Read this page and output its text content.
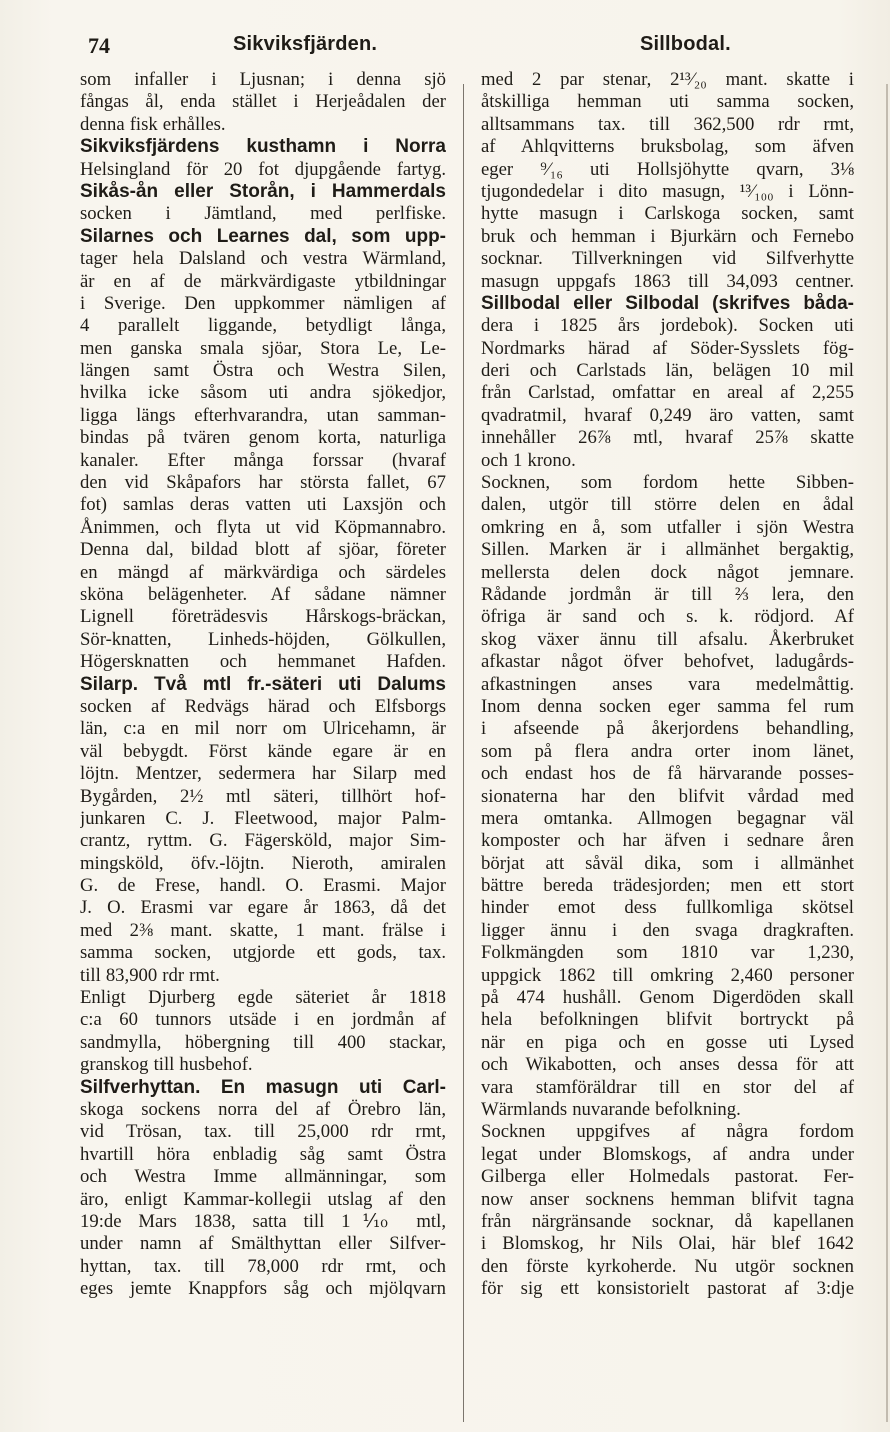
74	Sikviksfjärden.	Sillbodal.
som infaller i Ljusnan; i denna sjö
fångas ål, enda stället i Herjeådalen der
denna fisk erhålles.
Sikviksfjärdens kusthamn i Norra
Helsingland för 20 fot djupgående fartyg.
Sikås-ån eller Storån, i Hammerdals
socken i Jämtland, med perlfiske.
Silarnes och Learnes dal, som upp-
tager hela Dalsland och vestra Wärmland,
är en af de märkvärdigaste ytbildningar
i Sverige. Den uppkommer nämligen af
4 parallelt liggande, betydligt långa,
men ganska smala sjöar, Stora Le, Le-
längen samt Östra och Westra Silen,
hvilka icke såsom uti andra sjökedjor,
ligga längs efterhvarandra, utan samman-
bindas på tvären genom korta, naturliga
kanaler. Efter många forssar (hvaraf
den vid Skåpafors har största fallet, 67
fot) samlas deras vatten uti Laxsjön och
Ånimmen, och flyta ut vid Köpmannabro.
Denna dal, bildad blott af sjöar, företer
en mängd af märkvärdiga och särdeles
sköna belägenheter. Af sådane nämner
Lignell företrädesvis Hårskogs-bräckan,
Sör-knatten, Linheds-höjden, Gölkullen,
Högersknatten och hemmanet Hafden.
Silarp. Två mtl fr.-säteri uti Dalums
socken af Redvägs härad och Elfsborgs
län, c:a en mil norr om Ulricehamn, är
väl bebygdt. Först kände egare är en
löjtn. Mentzer, sedermera har Silarp med
Bygården, 2½ mtl säteri, tillhört hof-
junkaren C. J. Fleetwood, major Palm-
crantz, ryttm. G. Fägersköld, major Sim-
mingsköld, öfv.-löjtn. Nieroth, amiralen
G. de Frese, handl. O. Erasmi. Major
J. O. Erasmi var egare år 1863, då det
med 2⅜ mant. skatte, 1 mant. frälse i
samma socken, utgjorde ett gods, tax.
till 83,900 rdr rmt.
Enligt Djurberg egde säteriet år 1818
c:a 60 tunnors utsäde i en jordmån af
sandmylla, höbergning till 400 stackar,
granskog till husbehof.
Silfverhyttan. En masugn uti Carl-
skoga sockens norra del af Örebro län,
vid Trösan, tax. till 25,000 rdr rmt,
hvartill höra enbladig såg samt Östra
och Westra Imme allmänningar, som
äro, enligt Kammar-kollegii utslag af den
19:de Mars 1838, satta till 1⅒ mtl,
under namn af Smälthyttan eller Silfver-
hyttan, tax. till 78,000 rdr rmt, och
eges jemte Knappfors såg och mjölqvarn
med 2 par stenar, 2¹³⁄₂₀ mant. skatte i
åtskilliga hemman uti samma socken,
alltsammans tax. till 362,500 rdr rmt,
af Ahlqvitterns bruksbolag, som äfven
eger ⁹⁄₁₆ uti Hollsjöhytte qvarn, 3⅛
tjugondedelar i dito masugn, ¹³⁄₁₀₀ i Lönn-
hytte masugn i Carlskoga socken, samt
bruk och hemman i Bjurkärn och Fernebo
socknar. Tillverkningen vid Silfverhytte
masugn uppgafs 1863 till 34,093 centner.
Sillbodal eller Silbodal (skrifves båda-
dera i 1825 års jordebok). Socken uti
Nordmarks härad af Söder-Sysslets fög-
deri och Carlstads län, belägen 10 mil
från Carlstad, omfattar en areal af 2,255
qvadratmil, hvaraf 0,249 äro vatten, samt
innehåller 26⅞ mtl, hvaraf 25⅞ skatte
och 1 krono.
Socknen, som fordom hette Sibben-
dalen, utgör till större delen en ådal
omkring en å, som utfaller i sjön Westra
Sillen. Marken är i allmänhet bergaktig,
mellersta delen dock något jemnare.
Rådande jordmån är till ⅔ lera, den
öfriga är sand och s. k. rödjord. Af
skog växer ännu till afsalu. Åkerbruket
afkastar något öfver behofvet, ladugårds-
afkastningen anses vara medelmåttig.
Inom denna socken eger samma fel rum
i afseende på åkerjordens behandling,
som på flera andra orter inom länet,
och endast hos de få härvarande posses-
sionaterna har den blifvit vårdad med
mera omtanka. Allmogen begagnar väl
komposter och har äfven i sednare åren
börjat att såväl dika, som i allmänhet
bättre bereda trädesjorden; men ett stort
hinder emot dess fullkomliga skötsel
ligger ännu i den svaga dragkraften.
Folkmängden som 1810 var 1,230,
uppgick 1862 till omkring 2,460 personer
på 474 hushåll. Genom Digerdöden skall
hela befolkningen blifvit bortryckt på
när en piga och en gosse uti Lysed
och Wikabotten, och anses dessa för att
vara stamföräldrar till en stor del af
Wärmlands nuvarande befolkning.
Socknen uppgifves af några fordom
legat under Blomskogs, af andra under
Gilberga eller Holmedals pastorat. Fer-
now anser socknens hemman blifvit tagna
från närgränsande socknar, då kapellanen
i Blomskog, hr Nils Olai, här blef 1642
den förste kyrkoherde. Nu utgör socknen
för sig ett konsistorielt pastorat af 3:dje
